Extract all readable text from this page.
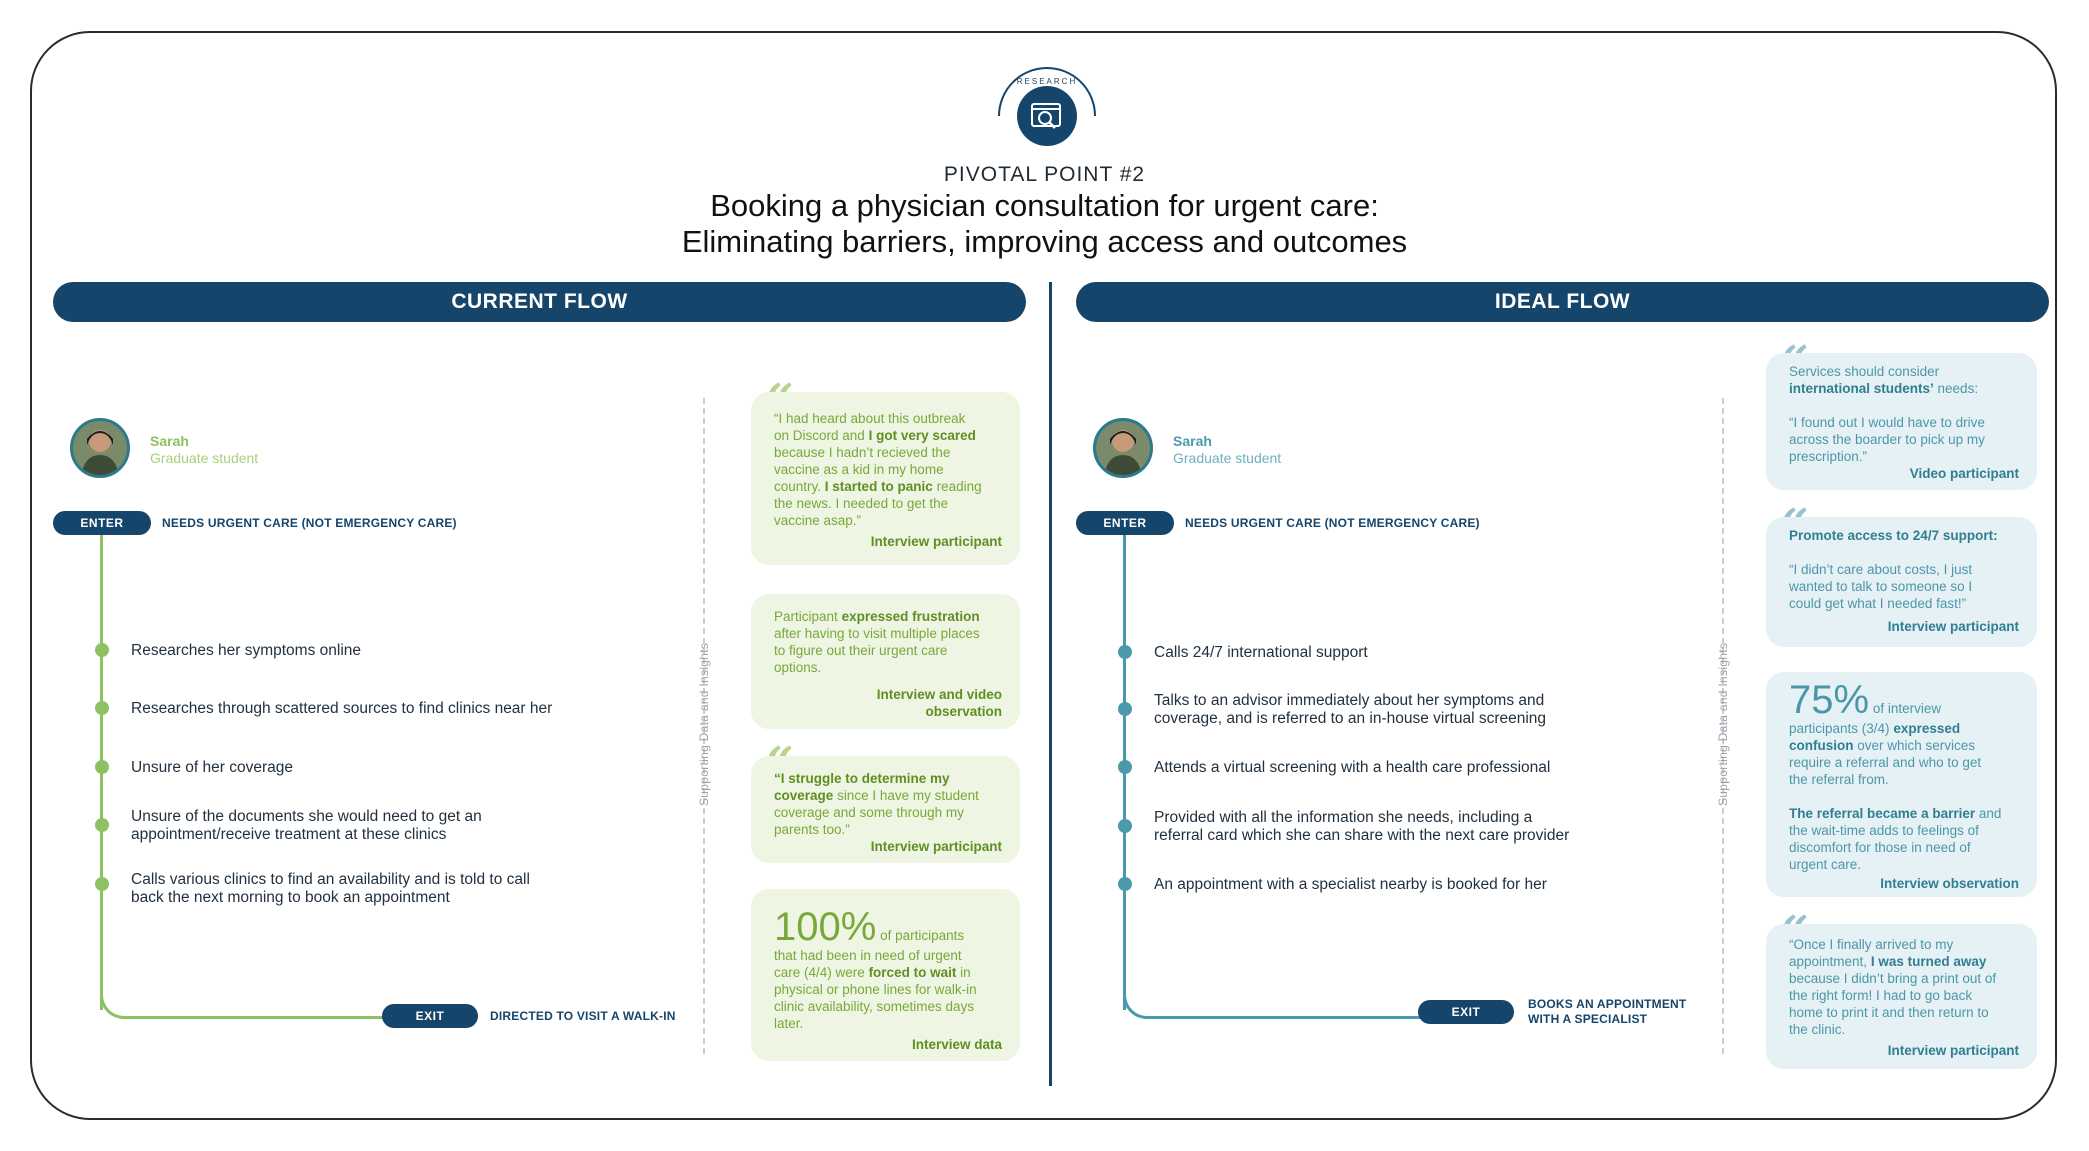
RESEARCH
PIVOTAL POINT #2
Booking a physician consultation for urgent care:
Eliminating barriers, improving access and outcomes
CURRENT FLOW	IDEAL FLOW
Sarah
Graduate student
ENTER	NEEDS URGENT CARE (NOT EMERGENCY CARE)
Researches her symptoms online
Researches through scattered sources to find clinics near her
Unsure of her coverage
Unsure of the documents she would need to get an
appointment/receive treatment at these clinics
Calls various clinics to find an availability and is told to call
back the next morning to book an appointment
EXIT	DIRECTED TO VISIT A WALK-IN
Supporting Data and Insights

“I had heard about this outbreak

on Discord and I got very scared

because I hadn’t recieved the

vaccine as a kid in my home

country. I started to panic reading

the news. I needed to get the

vaccine asap.”

Interview participant

Participant expressed frustration

after having to visit multiple places

to figure out their urgent care

options.

Interview and video

observation

“I struggle to determine my

coverage since I have my student

coverage and some through my

parents too.”

Interview participant

100% of participants

that had been in need of urgent

care (4/4) were forced to wait in

physical or phone lines for walk-in

clinic availability, sometimes days

later.

Interview data

Sarah
Graduate student
ENTER	NEEDS URGENT CARE (NOT EMERGENCY CARE)
Calls 24/7 international support
Talks to an advisor immediately about her symptoms and
coverage, and is referred to an in-house virtual screening
Attends a virtual screening with a health care professional
Provided with all the information she needs, including a
referral card which she can share with the next care provider
An appointment with a specialist nearby is booked for her
EXIT
BOOKS AN APPOINTMENT
WITH A SPECIALIST
Supporting Data and Insights

Services should consider

international students’ needs:

“I found out I would have to drive

across the boarder to pick up my

prescription.”

Video participant

Promote access to 24/7 support:

“I didn’t care about costs, I just

wanted to talk to someone so I

could get what I needed fast!”

Interview participant

75% of interview

participants (3/4) expressed

confusion over which services

require a referral and who to get

the referral from.

The referral became a barrier and

the wait-time adds to feelings of

discomfort for those in need of

urgent care.

Interview observation

“Once I finally arrived to my

appointment, I was turned away

because I didn’t bring a print out of

the right form! I had to go back

home to print it and then return to

the clinic.

Interview participant
